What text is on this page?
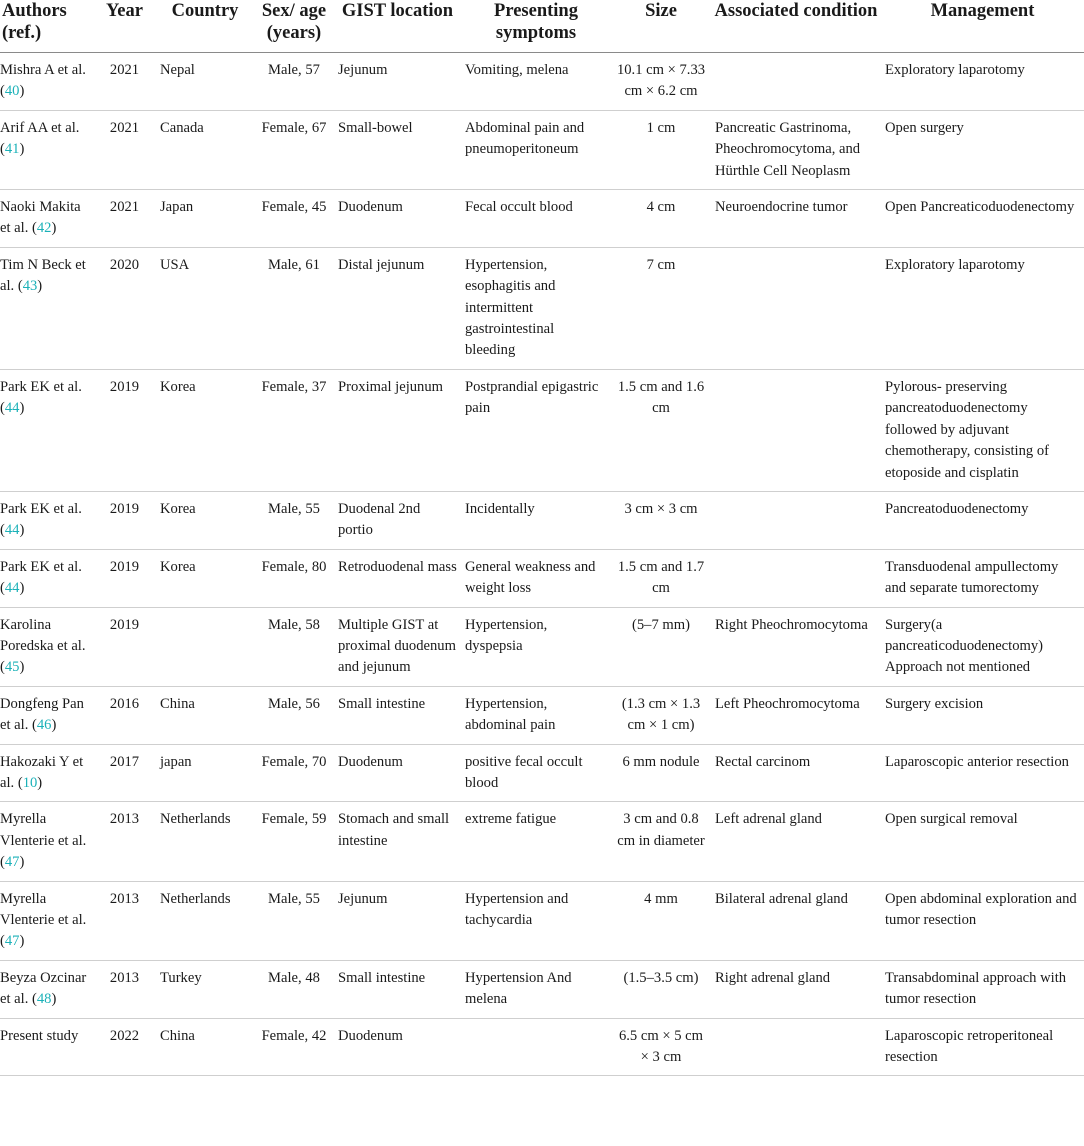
Authors (ref.)	Year	Country	Sex/ age (years)	GIST location	Presenting symptoms	Size	Associated condition	Management
Mishra A et al. (40)	2021	Nepal	Male, 57	Jejunum	Vomiting, melena	10.1 cm × 7.33 cm × 6.2 cm		Exploratory laparotomy
Arif AA et al. (41)	2021	Canada	Female, 67	Small-bowel	Abdominal pain and pneumoperitoneum	1 cm	Pancreatic Gastrinoma, Pheochromocytoma, and Hürthle Cell Neoplasm	Open surgery
Naoki Makita et al. (42)	2021	Japan	Female, 45	Duodenum	Fecal occult blood	4 cm	Neuroendocrine tumor	Open Pancreaticoduodenectomy
Tim N Beck et al. (43)	2020	USA	Male, 61	Distal jejunum	Hypertension, esophagitis and intermittent gastrointestinal bleeding	7 cm		Exploratory laparotomy
Park EK et al. (44)	2019	Korea	Female, 37	Proximal jejunum	Postprandial epigastric pain	1.5 cm and 1.6 cm		Pylorous- preserving pancreatoduodenectomy followed by adjuvant chemotherapy, consisting of etoposide and cisplatin
Park EK et al. (44)	2019	Korea	Male, 55	Duodenal 2nd portio	Incidentally	3 cm × 3 cm		Pancreatoduodenectomy
Park EK et al. (44)	2019	Korea	Female, 80	Retroduodenal mass	General weakness and weight loss	1.5 cm and 1.7 cm		Transduodenal ampullectomy and separate tumorectomy
Karolina Poredska et al. (45)	2019		Male, 58	Multiple GIST at proximal duodenum and jejunum	Hypertension, dyspepsia	(5–7 mm)	Right Pheochromocytoma	Surgery(a pancreaticoduodenectomy) Approach not mentioned
Dongfeng Pan et al. (46)	2016	China	Male, 56	Small intestine	Hypertension, abdominal pain	(1.3 cm × 1.3 cm × 1 cm)	Left Pheochromocytoma	Surgery excision
Hakozaki Y et al. (10)	2017	japan	Female, 70	Duodenum	positive fecal occult blood	6 mm nodule	Rectal carcinom	Laparoscopic anterior resection
Myrella Vlenterie et al. (47)	2013	Netherlands	Female, 59	Stomach and small intestine	extreme fatigue	3 cm and 0.8 cm in diameter	Left adrenal gland	Open surgical removal
Myrella Vlenterie et al. (47)	2013	Netherlands	Male, 55	Jejunum	Hypertension and tachycardia	4 mm	Bilateral adrenal gland	Open abdominal exploration and tumor resection
Beyza Ozcinar et al. (48)	2013	Turkey	Male, 48	Small intestine	Hypertension And melena	(1.5–3.5 cm)	Right adrenal gland	Transabdominal approach with tumor resection
Present study	2022	China	Female, 42	Duodenum		6.5 cm × 5 cm × 3 cm		Laparoscopic retroperitoneal resection
